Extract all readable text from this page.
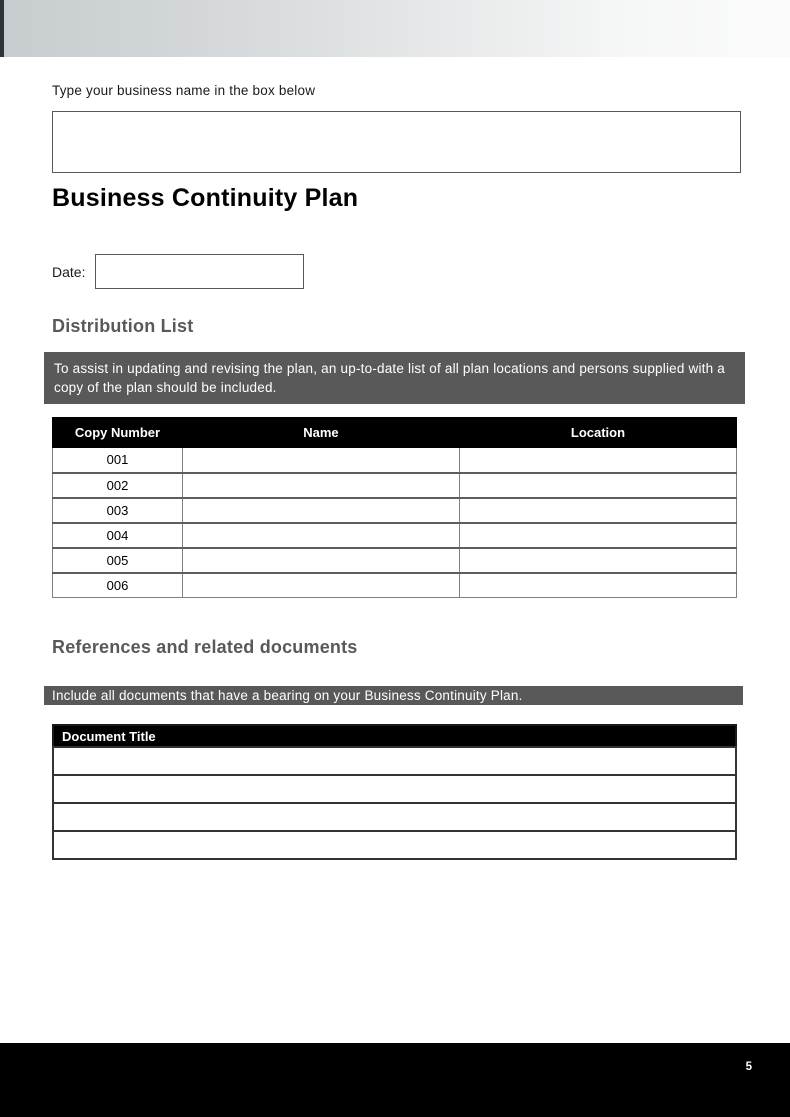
Type your business name in the box below

Business Continuity Plan
Date:
Distribution List
To assist in updating and revising the plan, an up-to-date list of all plan locations and persons supplied with a copy of the plan should be included.
Copy Number	Name	Location
001		
002		
003		
004		
005		
006		
References and related documents
Include all documents that have a bearing on your Business Continuity Plan.
Document Title

5
